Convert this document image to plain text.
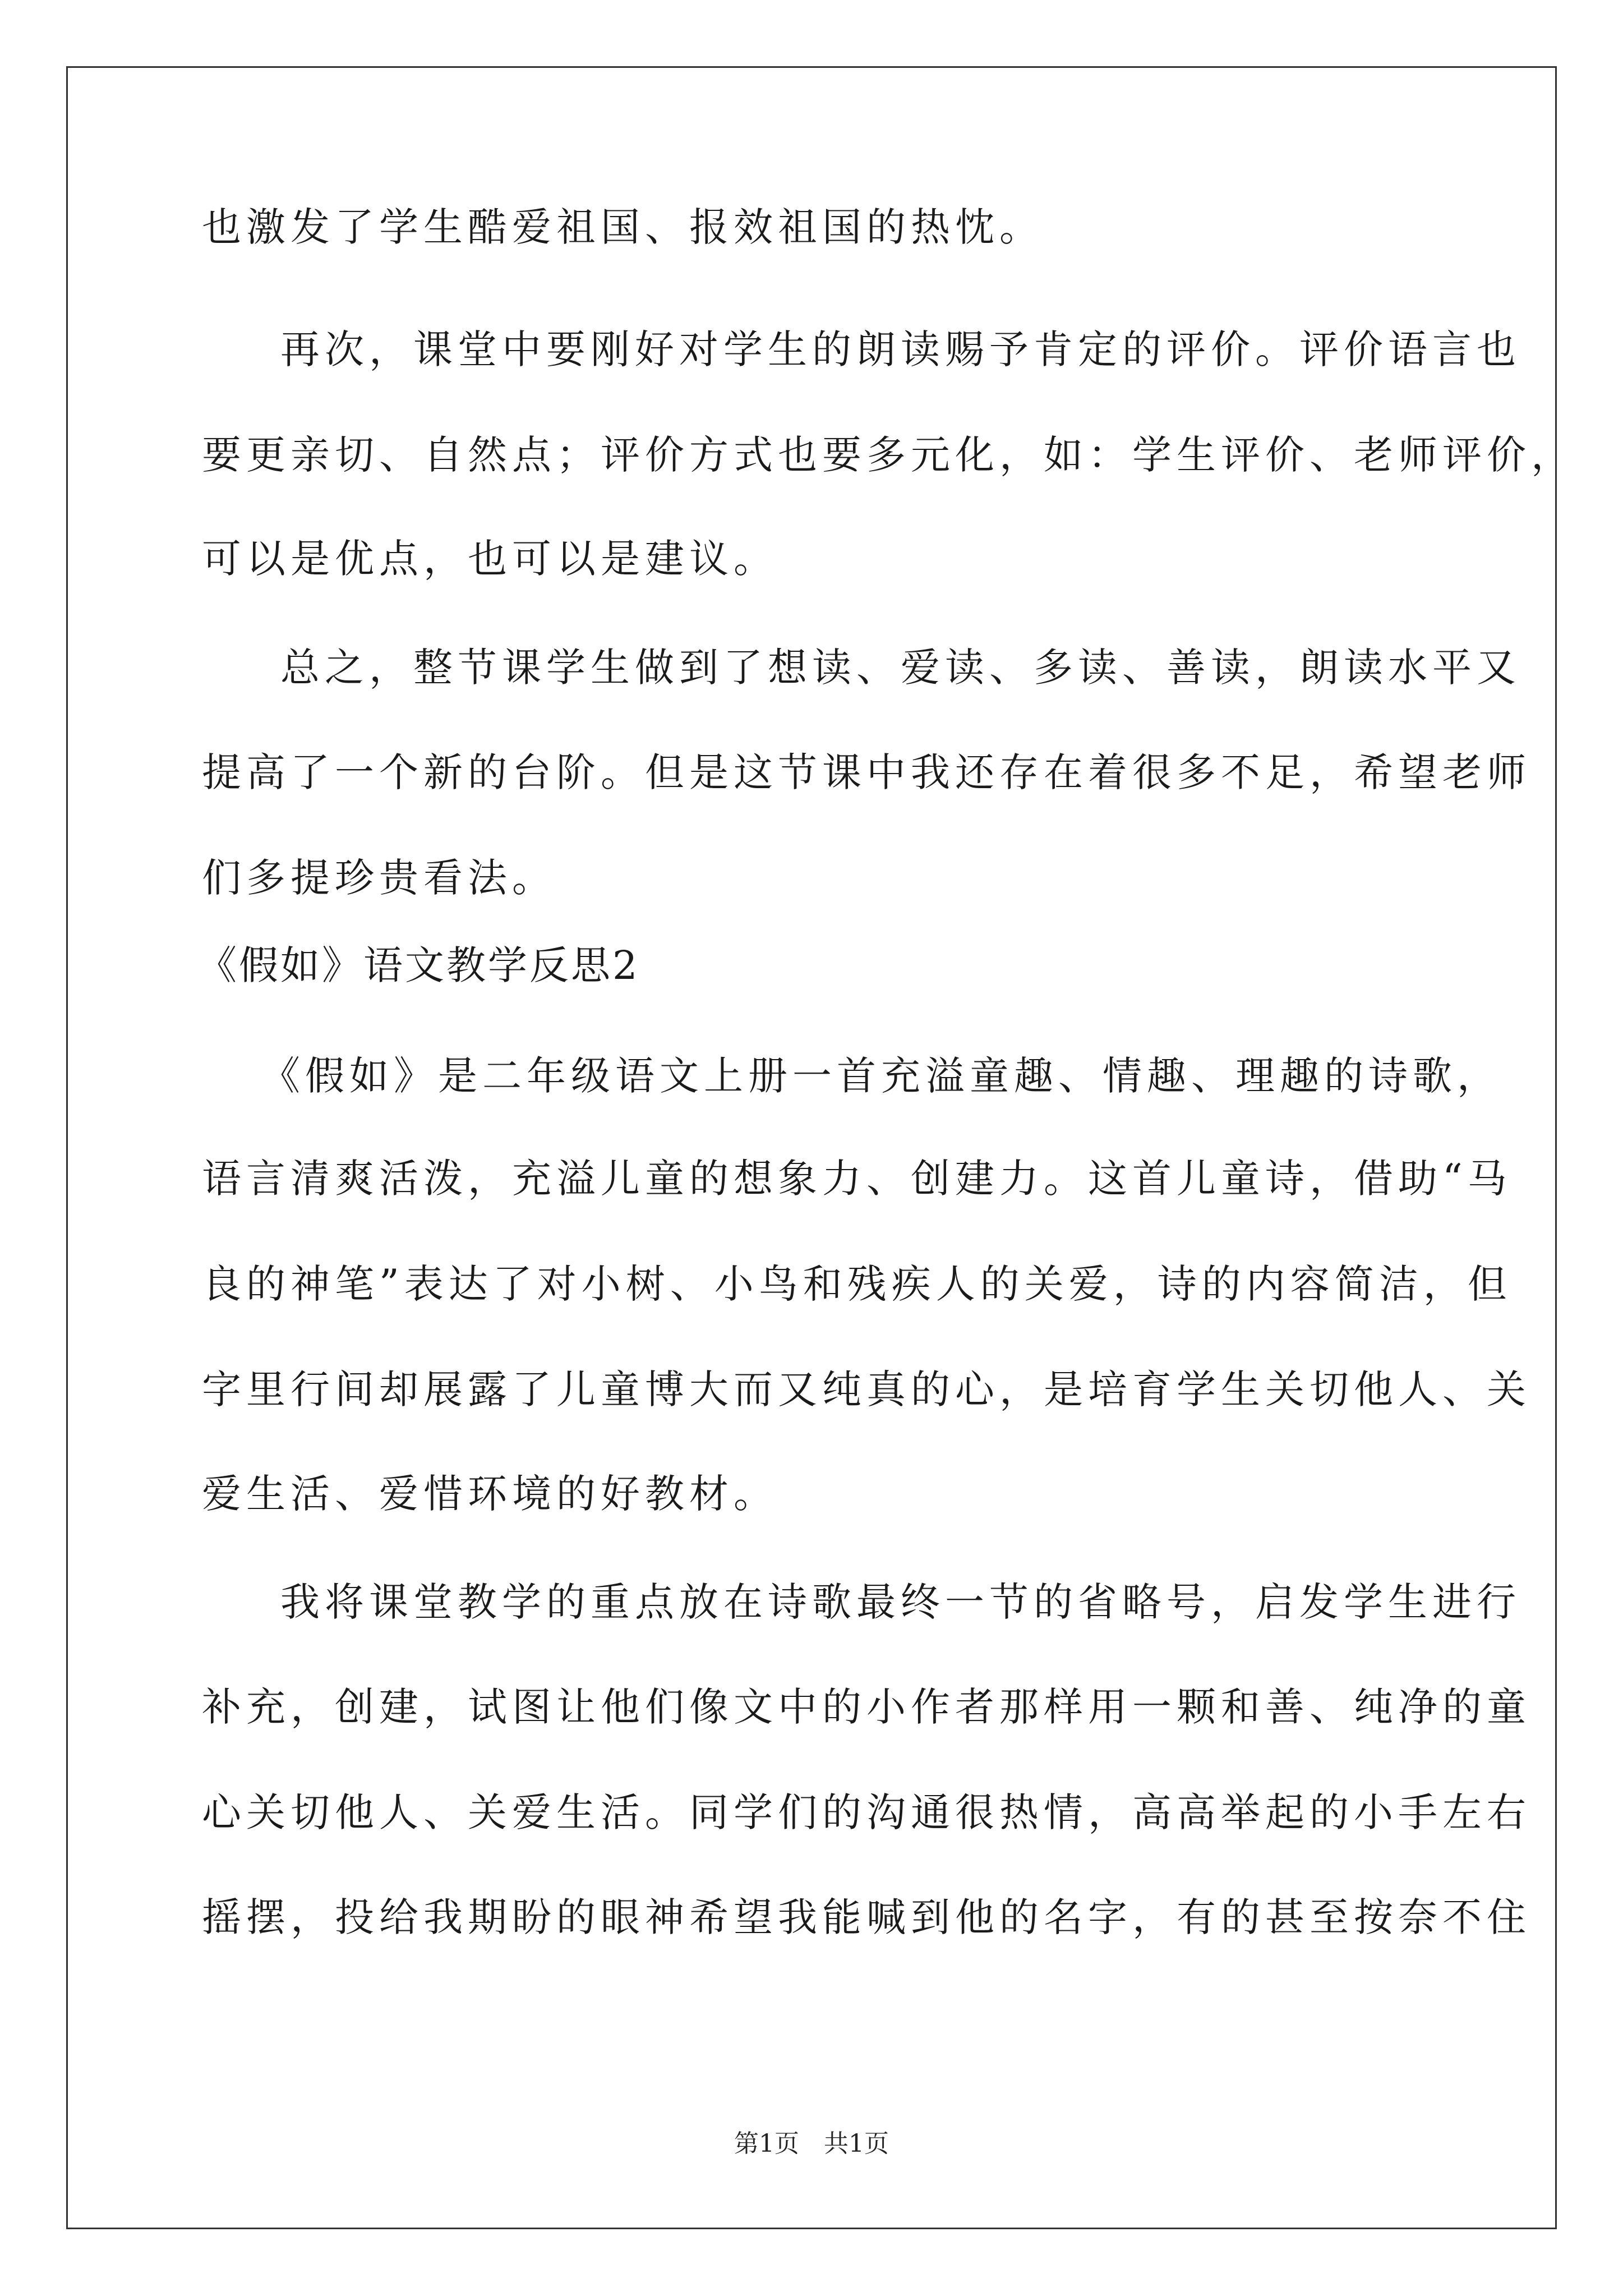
也激发了学生酷爱祖国、报效祖国的热忱。

再次，课堂中要刚好对学生的朗读赐予肯定的评价。评价语言也

要更亲切、自然点；评价方式也要多元化，如：学生评价、老师评价，

可以是优点，也可以是建议。

总之，整节课学生做到了想读、爱读、多读、善读，朗读水平又

提高了一个新的台阶。但是这节课中我还存在着很多不足，希望老师

们多提珍贵看法。

《假如》语文教学反思2

《假如》是二年级语文上册一首充溢童趣、情趣、理趣的诗歌，

语言清爽活泼，充溢儿童的想象力、创建力。这首儿童诗，借助“马

良的神笔”表达了对小树、小鸟和残疾人的关爱，诗的内容简洁，但

字里行间却展露了儿童博大而又纯真的心，是培育学生关切他人、关

爱生活、爱惜环境的好教材。

我将课堂教学的重点放在诗歌最终一节的省略号，启发学生进行

补充，创建，试图让他们像文中的小作者那样用一颗和善、纯净的童

心关切他人、关爱生活。同学们的沟通很热情，高高举起的小手左右

摇摆，投给我期盼的眼神希望我能喊到他的名字，有的甚至按奈不住

第1页 共1页
